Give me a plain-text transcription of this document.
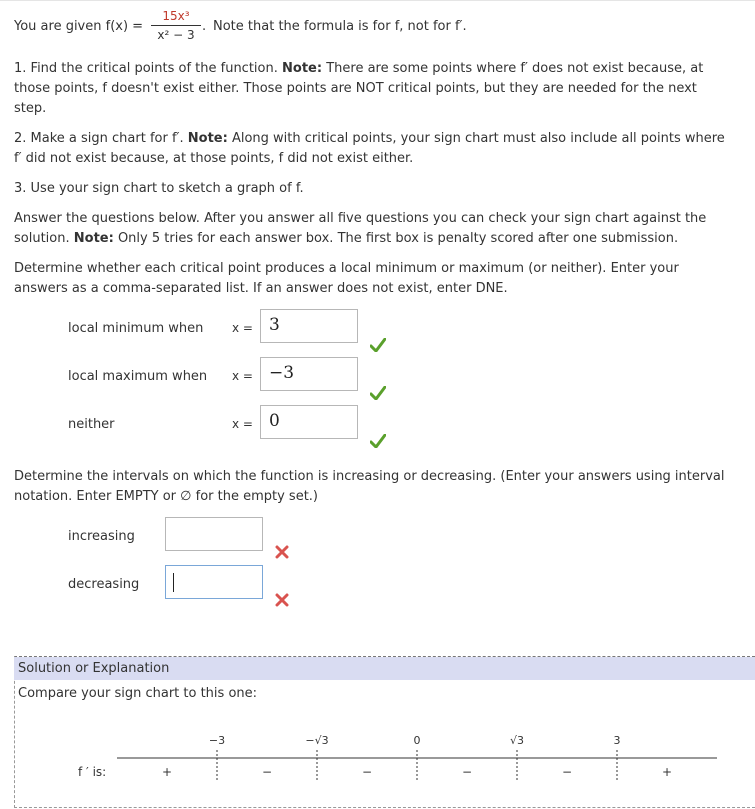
You are given f(x) =
15x³
x² − 3
. Note that the formula is for f, not for f′.
1. Find the critical points of the function. Note: There are some points where f′ does not exist because, at those points, f doesn't exist either. Those points are NOT critical points, but they are needed for the next step.
2. Make a sign chart for f′. Note: Along with critical points, your sign chart must also include all points where f′ did not exist because, at those points, f did not exist either.
3. Use your sign chart to sketch a graph of f.
Answer the questions below. After you answer all five questions you can check your sign chart against the solution. Note: Only 5 tries for each answer box. The first box is penalty scored after one submission.
Determine whether each critical point produces a local minimum or maximum (or neither). Enter your answers as a comma-separated list. If an answer does not exist, enter DNE.
local minimum when x = 3
local maximum when x = −3
neither	x = 0
Determine the intervals on which the function is increasing or decreasing. (Enter your answers using interval notation. Enter EMPTY or ∅ for the empty set.)
increasing
decreasing
Solution or Explanation
Compare your sign chart to this one:
f ′ is:
−3	−√3	0	√3	3
+	−	−	−	−	+
